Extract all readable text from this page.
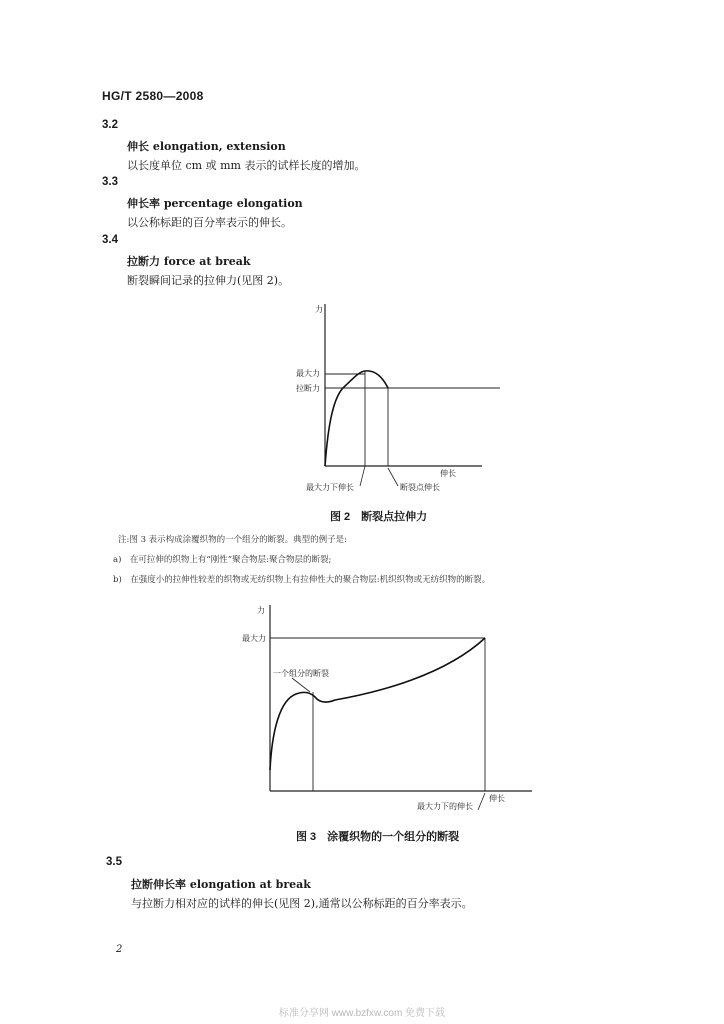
HG/T 2580—2008
3.2
伸长 elongation, extension
以长度单位 cm 或 mm 表示的试样长度的增加。
3.3
伸长率 percentage elongation
以公称标距的百分率表示的伸长。
3.4
拉断力 force at break
断裂瞬间记录的拉伸力(见图 2)。
力
最大力
拉断力
伸长
最大力下伸长	断裂点伸长
图 2　断裂点拉伸力
注:图 3 表示构成涂覆织物的一个组分的断裂。典型的例子是:
a)　在可拉伸的织物上有“刚性”聚合物层:聚合物层的断裂;
b)　在强度小的拉伸性较差的织物或无纺织物上有拉伸性大的聚合物层:机织织物或无纺织物的断裂。
力
最大力
一个组分的断裂
伸长
最大力下的伸长
图 3　涂覆织物的一个组分的断裂
3.5
拉断伸长率 elongation at break
与拉断力相对应的试样的伸长(见图 2),通常以公称标距的百分率表示。
2
标准分享网 www.bzfxw.com 免费下载
